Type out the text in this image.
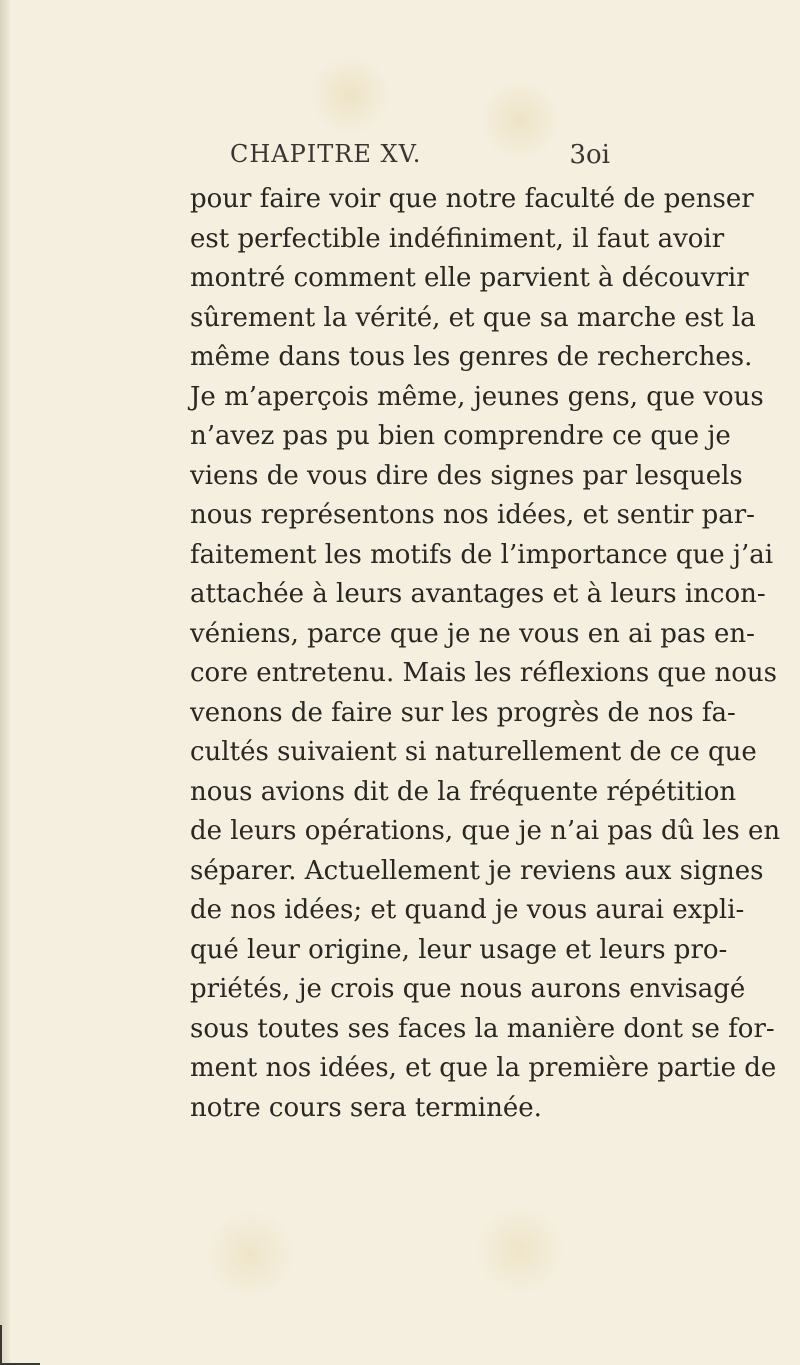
CHAPITRE XV.	3oi
pour faire voir que notre faculté de penser
est perfectible indéfiniment, il faut avoir
montré comment elle parvient à découvrir
sûrement la vérité, et que sa marche est la
même dans tous les genres de recherches.
Je m’aperçois même, jeunes gens, que vous
n’avez pas pu bien comprendre ce que je
viens de vous dire des signes par lesquels
nous représentons nos idées, et sentir par-
faitement les motifs de l’importance que j’ai
attachée à leurs avantages et à leurs incon-
véniens, parce que je ne vous en ai pas en-
core entretenu. Mais les réflexions que nous
venons de faire sur les progrès de nos fa-
cultés suivaient si naturellement de ce que
nous avions dit de la fréquente répétition
de leurs opérations, que je n’ai pas dû les en
séparer. Actuellement je reviens aux signes
de nos idées; et quand je vous aurai expli-
qué leur origine, leur usage et leurs pro-
priétés, je crois que nous aurons envisagé
sous toutes ses faces la manière dont se for-
ment nos idées, et que la première partie de
notre cours sera terminée.
